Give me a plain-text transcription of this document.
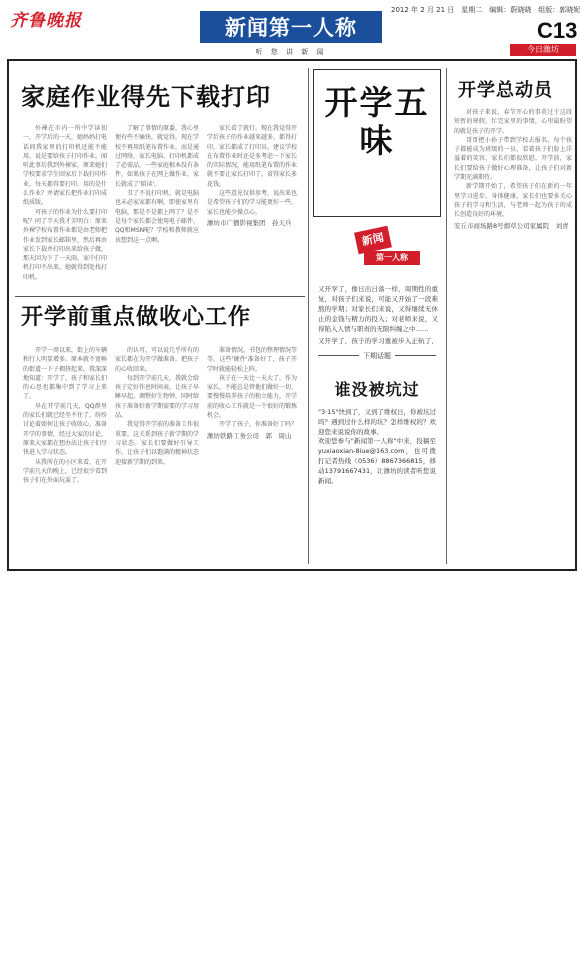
齐鲁晚报	新闻第一人称
听 您 讲 新 闻
2012 年 2 月 21 日　星期二　编辑：蔚晓晓　组版：郭晓妮
C13
今日潍坊
家庭作业得先下载打印

外裸在市内一所中学读初一，开学后的一天，她妈妈打电话问我家里的打印机还能不能用，说是要给孩子打印作业。闻听此事后我到外裸家，原来她们学校要求学生回家后下载打印作业，每天都得要打印，用的是什么作业？并请家长把作业打印成纸质版。

可孩子的作业为什么要打印呢？问了半天我才弄明白：原来外裸学校布置作业都是由老师把作业发到家长邮箱里，然后再由家长下载并打印出来给孩子做，那天因为下了一天雨，家中打印机打印不出来，她就得到处找打印机。

了解了事情的原委，我心里便有些不痛快，就觉得，现在学校不再用纸笔布置作业，而是通过网络，家长电脑、打印机都成了必需品，一些家庭根本没有条件，如果孩子在网上做作业，家长就成了'陪读'。

丑了不说打印机，就是电脑也未必家家都有啊，即使家里有电脑，那是不是都上网了？是不是每个家长都会使用电子邮件、QQ和MSN呢？学校和教师就应该想到这一点啊。

家长看了就行。现在我觉得开学后孩子的作业越来越多，都得打印，家长都成了打印员。建议学校在布置作业时还是多考虑一下家长的实际情况，能用纸笔布置的作业就不要让家长打印了，省得家长多花钱。

这些意见仅供参考，说出来也是希望孩子们的学习能更好一些，家长也能少操点心。

潍坊市广播影视集团　孙天兵
开学前重点做收心工作

开学一周以来，街上的车辆和行人明显增多。原本就不宽畅的街道一下子拥挤起来。我深深地知道：开学了，孩子和家长们的心思也都集中到了学习上来了。

早在开学前几天，QQ群里的家长们就已经坐不住了，纷纷讨论着如何让孩子收收心，准备开学的事情，经过大家的讨论，原来大家都在想办法让孩子们尽快进入学习状态。

从我所在的小区来看，在开学前几天的晚上，已经很少看到孩子们在外面玩耍了。

的认可，可以说几乎所有的家长都在为开学做准备，把孩子的心收回来。

每到开学前几天，我就会给孩子定好作息时间表，让孩子早睡早起，调整好生物钟，同时给孩子准备好新学期需要的学习用品。

我觉得开学前的准备工作很重要，这关系到孩子新学期的学习状态。家长们要做好引导工作，让孩子们以饱满的精神状态迎接新学期的到来。

准备情况，书包的整理情况等等。这些'硬件'准备好了，孩子开学时就能轻松上阵。

孩子在一天比一天大了，作为家长，不能总是替他们做好一切，要慢慢培养孩子的独立能力，开学前的收心工作就是一个很好的锻炼机会。

开学了孩子，你准备好了吗？

潍坊铁路工务公司　郭　周山
开学五味
新闻
第一人称

又开学了，像日出日落一样，周期性的重复，对孩子们来说，可能又开始了一段难熬的学期；对家长们来说，又得继续无休止的金钱与精力的投入；对老师来说，又得陷入人情与职责的无限纠缠之中……

又开学了，孩子的学习重被步入正轨了，

下期话题
谁没被坑过

"3·15"快到了，又到了维权日，你被坑过吗？遇到过什么样的坑？怎样维权的？欢迎您来说说你的故事。

欢迎您参与"新闻第一人称"中来，投稿至yuxiaoxian-8iue@163.com，也可拨打记者热线（0536）8867366815，移动13791667431，让潍坊的读者听您说新闻。

开学总动员

对孩子来说，春节开心的事莫过于这段短暂的寒假，忙完家里的事情，心里最盼望的就是孩子的开学。

哥哥把小孙子带到学校去报名，每个孩子都能成为班级的一员，看着孩子们脸上洋溢着的笑容，家长们都很欣慰。开学前，家长们要给孩子做好心理准备，让孩子们对新学期充满期待。

新学期开始了，希望孩子们在新的一年里学习进步，身体健康，家长们也要多关心孩子的学习和生活，与老师一起为孩子的成长创造良好的环境。

安丘市商场路8号烟草公司家属院　刘青
